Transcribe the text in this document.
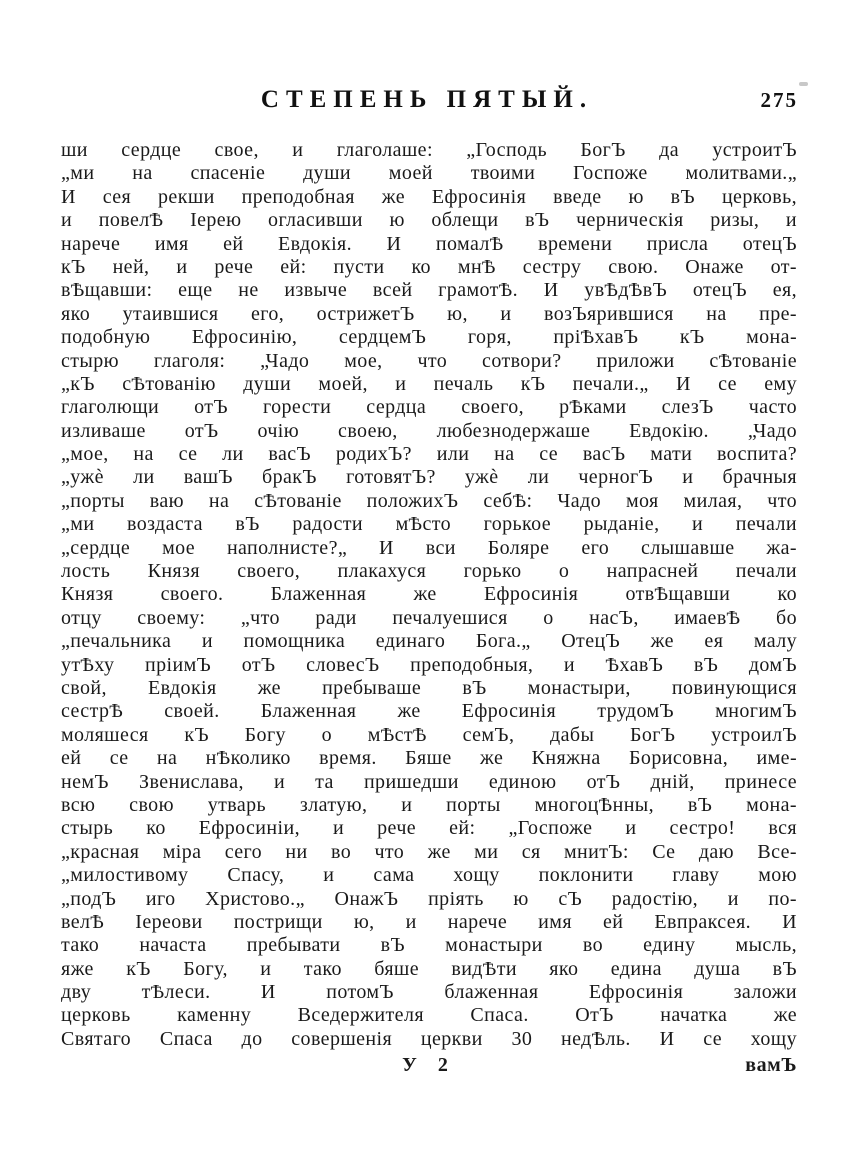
СТЕПЕНЬ ПЯТЫЙ.	275
ши сердце свое, и глаголаше: „Господь БогЪ да устроитЪ
„ми на спасеніе души моей твоими Госпоже молитвами.„
И сея рекши преподобная же Ефросинія введе ю вЪ церковь,
и повелѢ Іерею огласивши ю облещи вЪ черническія ризы, и
нарече имя ей Евдокія. И помалѢ времени присла отецЪ
кЪ ней, и рече ей: пусти ко мнѢ сестру свою. Онаже от-
вѢщавши: еще не извыче всей грамотѢ. И увѢдѢвЪ отецЪ ея,
яко утаившися его, острижетЪ ю, и возЪярившися на пре-
подобную Ефросинію, сердцемЪ горя, пріѢхавЪ кЪ мона-
стырю глаголя: „Чадо мое, что сотвори? приложи сѢтованіе
„кЪ сѢтованію души моей, и печаль кЪ печали.„ И се ему
глаголющи отЪ горести сердца своего, рѢками слезЪ часто
изливаше отЪ очію своею, любезнодержаше Евдокію. „Чадо
„мое, на се ли васЪ родихЪ? или на се васЪ мати воспита?
„ужѐ ли вашЪ бракЪ готовятЪ? ужѐ ли черногЪ и брачныя
„порты ваю на сѢтованіе положихЪ себѢ: Чадо моя милая, что
„ми воздаста вЪ радости мѢсто горькое рыданіе, и печали
„сердце мое наполнисте?„ И вси Боляре его слышавше жа-
лость Князя своего, плакахуся горько о напрасней печали
Князя своего. Блаженная же Ефросинія отвѢщавши ко
отцу своему: „что ради печалуешися о насЪ, имаевѢ бо
„печальника и помощника единаго Бога.„ ОтецЪ же ея малу
утѢху пріимЪ отЪ словесЪ преподобныя, и ѢхавЪ вЪ домЪ
свой, Евдокія же пребываше вЪ монастыри, повинующися
сестрѢ своей. Блаженная же Ефросинія трудомЪ многимЪ
моляшеся кЪ Богу о мѢстѢ семЪ, дабы БогЪ устроилЪ
ей се на нѢколико время. Бяше же Княжна Борисовна, име-
немЪ Звенислава, и та пришедши единою отЪ дній, принесе
всю свою утварь златую, и порты многоцѢнны, вЪ мона-
стырь ко Ефросиніи, и рече ей: „Госпоже и сестро! вся
„красная міра сего ни во что же ми ся мнитЪ: Се даю Все-
„милостивому Спасу, и сама хощу поклонити главу мою
„подЪ иго Христово.„ ОнажЪ пріять ю сЪ радостію, и по-
велѢ Іереови пострищи ю, и нарече имя ей Евпраксея. И
тако начаста пребывати вЪ монастыри во едину мысль,
яже кЪ Богу, и тако бяше видѢти яко едина душа вЪ
дву тѢлеси. И потомЪ блаженная Ефросинія заложи
церковь каменну Вседержителя Спаса. ОтЪ начатка же
Святаго Спаса до совершенія церкви 30 недѢль. И се хощу
У 2	вамЪ
